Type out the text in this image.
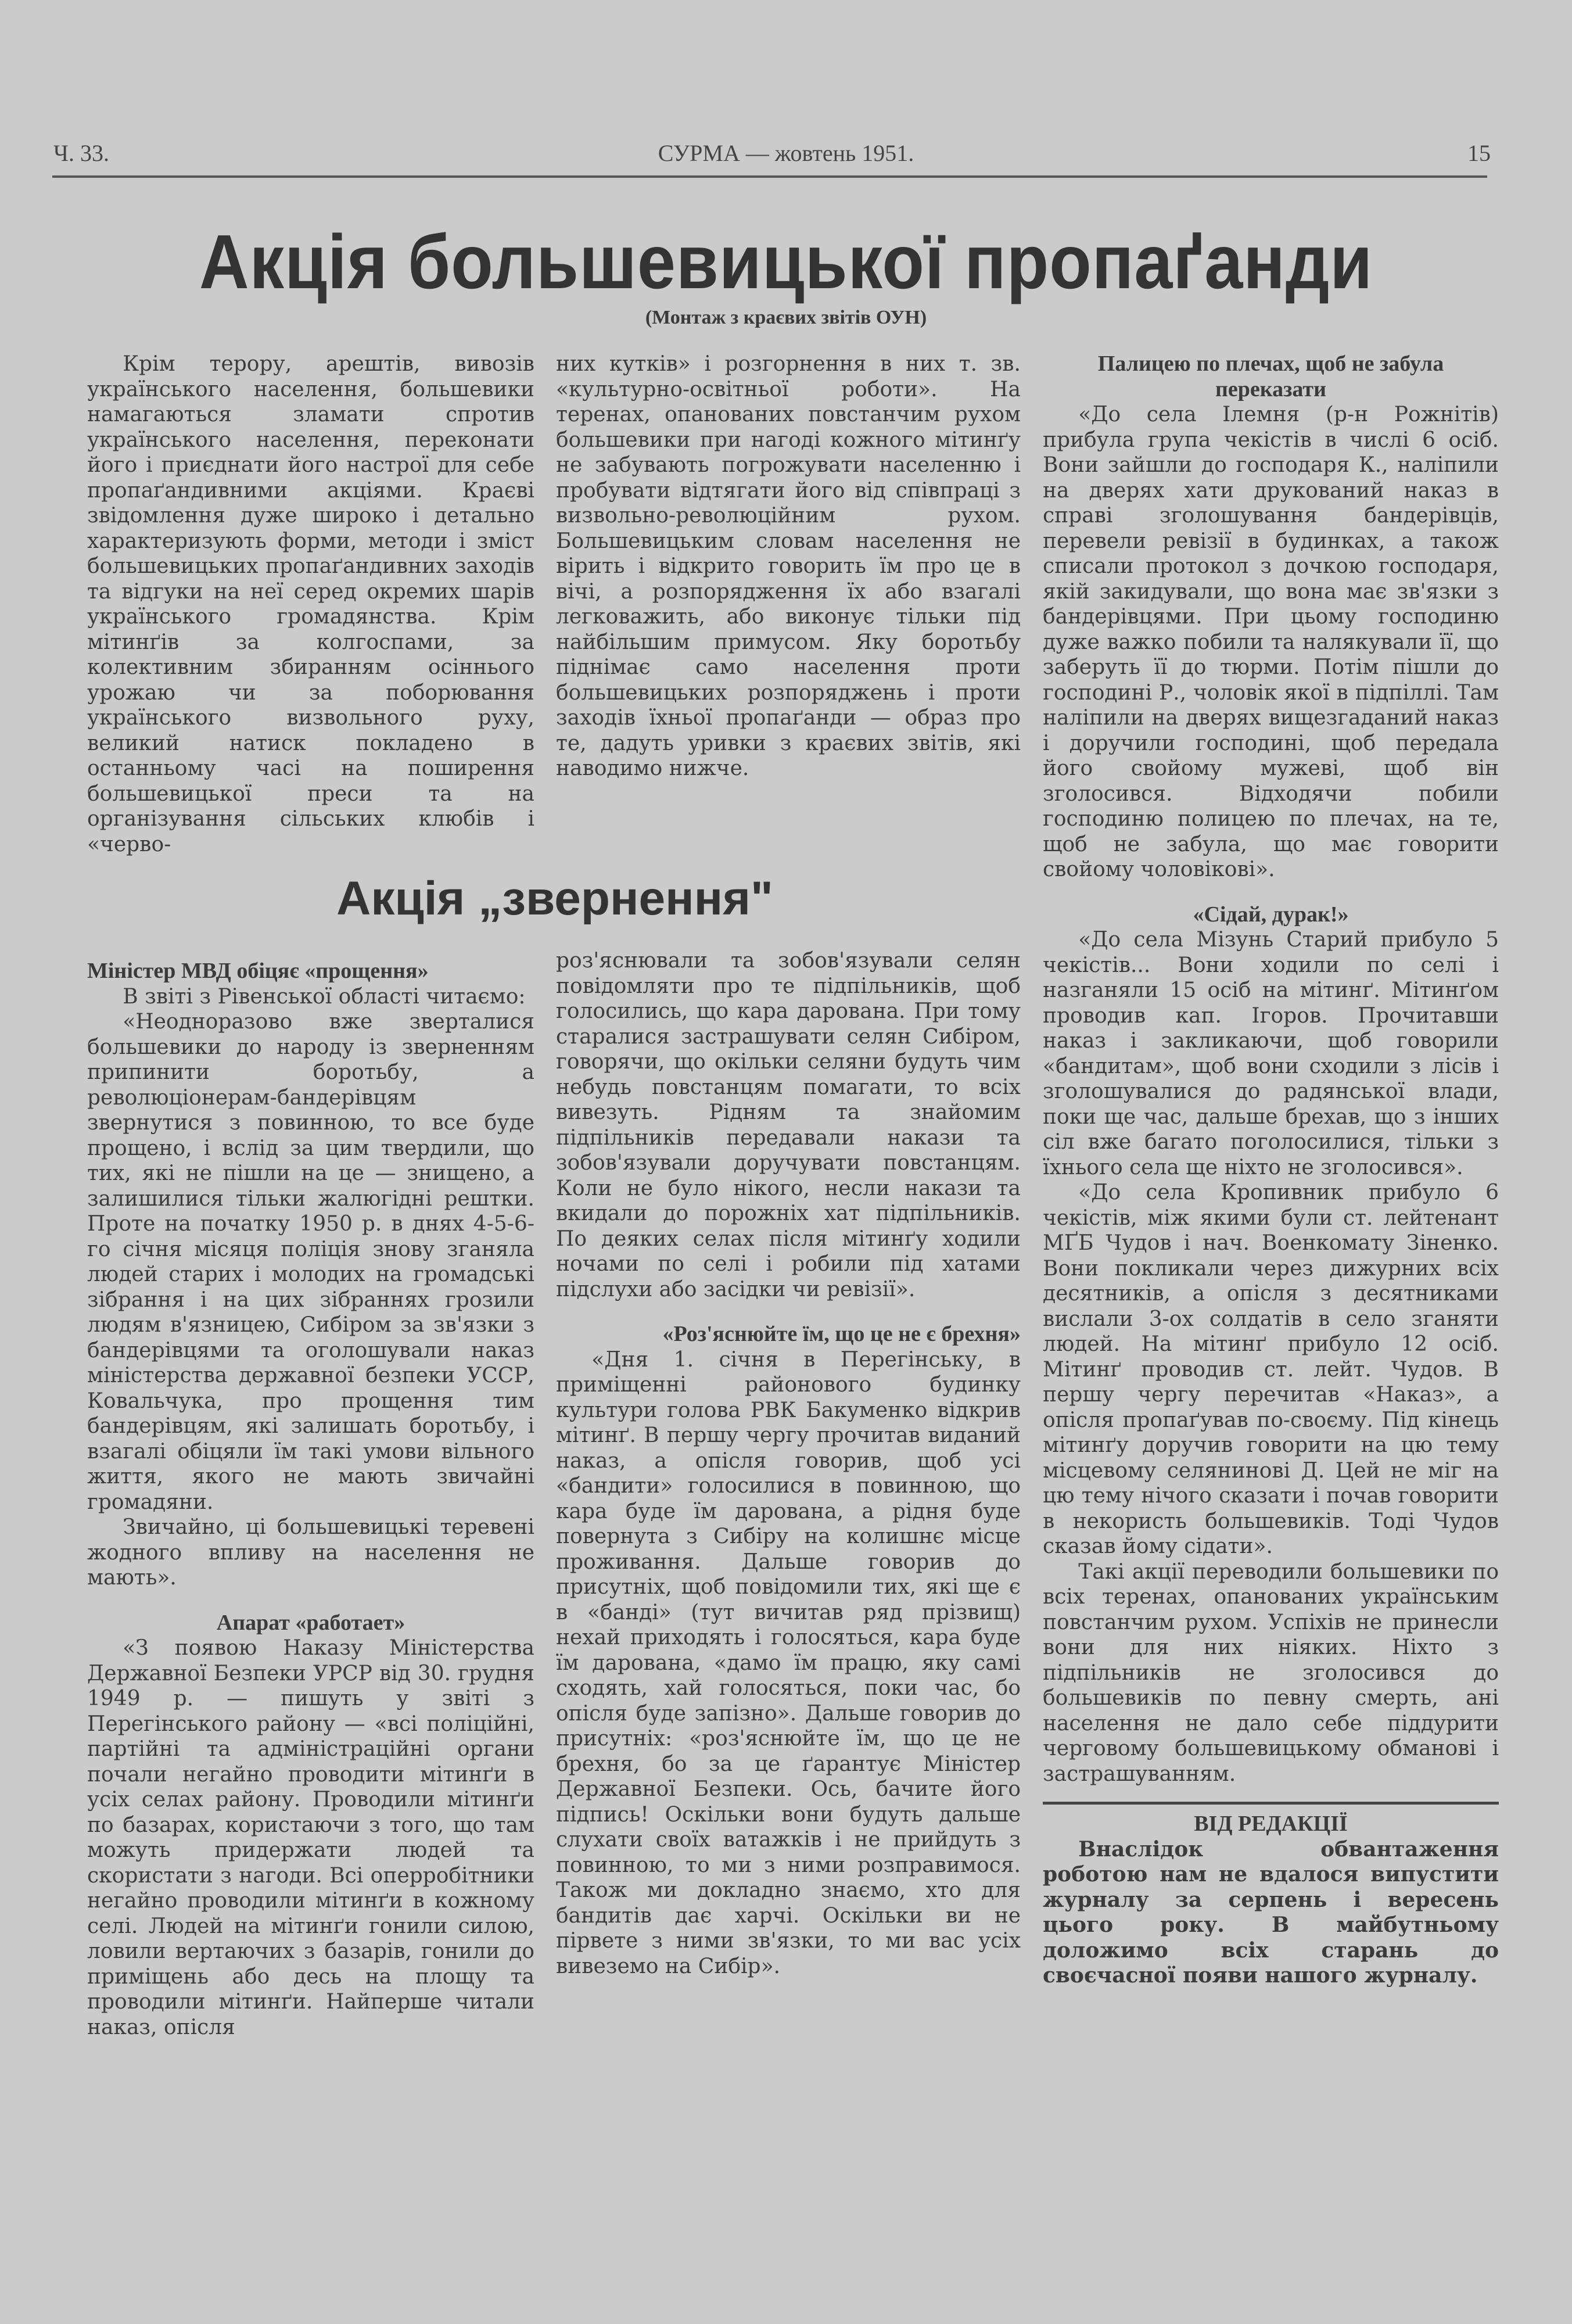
Ч. 33.	СУРМА — жовтень 1951.	15
Акція большевицької пропаґанди
(Монтаж з краєвих звітів ОУН)

Крім терору, арештів, вивозів українського населення, большевики намагаються зламати спротив українського населення, переконати його і приєднати його настрої для себе пропаґандивними акціями. Краєві звідомлення дуже широко і детально характеризують форми, методи і зміст большевицьких пропаґандивних заходів та відгуки на неї серед окремих шарів українського громадянства. Крім мітинґів за колгоспами, за колективним збиранням осіннього урожаю чи за поборювання українського визвольного руху, великий натиск покладено в останньому часі на поширення большевицької преси та на організування сільських клюбів і «черво-

них кутків» і розгорнення в них т. зв. «культурно-освітньої роботи». На теренах, опанованих повстанчим рухом большевики при нагоді кожного мітинґу не забувають погрожувати населенню і пробувати відтягати його від співпраці з визвольно-революційним рухом. Большевицьким словам населення не вірить і відкрито говорить їм про це в вічі, а розпорядження їх або взагалі легковажить, або виконує тільки під найбільшим примусом. Яку боротьбу піднімає само населення проти большевицьких розпоряджень і проти заходів їхньої пропаґанди — образ про те, дадуть уривки з краєвих звітів, які наводимо нижче.

Акція „звернення"
Міністер МВД обіцяє «прощення»

В звіті з Рівенської області читаємо:

«Неодноразово вже зверталися большевики до народу із зверненням припинити боротьбу, а революціонерам-бандерівцям звернутися з повинною, то все буде прощено, і вслід за цим твердили, що тих, які не пішли на це — знищено, а залишилися тільки жалюгідні рештки. Проте на початку 1950 р. в днях 4-5-6-го січня місяця поліція знову зганяла людей старих і молодих на громадські зібрання і на цих зібраннях грозили людям в'язницею, Сибіром за зв'язки з бандерівцями та оголошували наказ міністерства державної безпеки УССР, Ковальчука, про прощення тим бандерівцям, які залишать боротьбу, і взагалі обіцяли їм такі умови вільного життя, якого не мають звичайні громадяни.

Звичайно, ці большевицькі теревені жодного впливу на населення не мають».

Апарат «работает»

«З появою Наказу Міністерства Державної Безпеки УРСР від 30. грудня 1949 р. — пишуть у звіті з Перегінського району — «всі поліційні, партійні та адміністраційні органи почали негайно проводити мітинґи в усіх селах району. Проводили мітинґи по базарах, користаючи з того, що там можуть придержати людей та скористати з нагоди. Всі оперробітники негайно проводили мітинґи в кожному селі. Людей на мітинґи гонили силою, ловили вертаючих з базарів, гонили до приміщень або десь на площу та проводили мітинґи. Найперше читали наказ, опісля

роз'яснювали та зобов'язували селян повідомляти про те підпільників, щоб голосились, що кара дарована. При тому старалися застрашувати селян Сибіром, говорячи, що окільки селяни будуть чим небудь повстанцям помагати, то всіх вивезуть. Рідням та знайомим підпільників передавали накази та зобов'язували доручувати повстанцям. Коли не було нікого, несли накази та вкидали до порожніх хат підпільників. По деяких селах після мітинґу ходили ночами по селі і робили під хатами підслухи або засідки чи ревізії».

«Роз'яснюйте їм, що це не є брехня»

«Дня 1. січня в Перегінську, в приміщенні районового будинку культури голова РВК Бакуменко відкрив мітинґ. В першу чергу прочитав виданий наказ, а опісля говорив, щоб усі «бандити» голосилися в повинною, що кара буде їм дарована, а рідня буде повернута з Сибіру на колишнє місце проживання. Дальше говорив до присутніх, щоб повідомили тих, які ще є в «банді» (тут вичитав ряд прізвищ) нехай приходять і голосяться, кара буде їм дарована, «дамо їм працю, яку самі сходять, хай голосяться, поки час, бо опісля буде запізно». Дальше говорив до присутніх: «роз'яснюйте їм, що це не брехня, бо за це ґарантує Міністер Державної Безпеки. Ось, бачите його підпись! Оскільки вони будуть дальше слухати своїх ватажків і не прийдуть з повинною, то ми з ними розправимося. Також ми докладно знаємо, хто для бандитів дає харчі. Оскільки ви не пірвете з ними зв'язки, то ми вас усіх вивеземо на Сибір».

Палицею по плечах, щоб не забула переказати

«До села Ілемня (р-н Рожнітів) прибула група чекістів в числі 6 осіб. Вони зайшли до господаря К., наліпили на дверях хати друкований наказ в справі зголошування бандерівців, перевели ревізії в будинках, а також списали протокол з дочкою господаря, якій закидували, що вона має зв'язки з бандерівцями. При цьому господиню дуже важко побили та налякували її, що заберуть її до тюрми. Потім пішли до господині Р., чоловік якої в підпіллі. Там наліпили на дверях вищезгаданий наказ і доручили господині, щоб передала його свойому мужеві, щоб він зголосився. Відходячи побили господиню полицею по плечах, на те, щоб не забула, що має говорити свойому чоловікові».

«Сідай, дурак!»

«До села Мізунь Старий прибуло 5 чекістів... Вони ходили по селі і назганяли 15 осіб на мітинґ. Мітинґом проводив кап. Ігоров. Прочитавши наказ і закликаючи, щоб говорили «бандитам», щоб вони сходили з лісів і зголошувалися до радянської влади, поки ще час, дальше брехав, що з інших сіл вже багато поголосилися, тільки з їхнього села ще ніхто не зголосився».

«До села Кропивник прибуло 6 чекістів, між якими були ст. лейтенант МҐБ Чудов і нач. Военкомату Зіненко. Вони покликали через дижурних всіх десятників, а опісля з десятниками вислали 3-ох солдатів в село зганяти людей. На мітинґ прибуло 12 осіб. Мітинґ проводив ст. лейт. Чудов. В першу чергу перечитав «Наказ», а опісля пропаґував по-своєму. Під кінець мітинґу доручив говорити на цю тему місцевому селянинові Д. Цей не міг на цю тему нічого сказати і почав говорити в некористь большевиків. Тоді Чудов сказав йому сідати».

Такі акції переводили большевики по всіх теренах, опанованих українським повстанчим рухом. Успіхів не принесли вони для них ніяких. Ніхто з підпільників не зголосився до большевиків по певну смерть, ані населення не дало себе піддурити черговому большевицькому обманові і застрашуванням.

ВІД РЕДАКЦІЇ

Внаслідок обвантаження роботою нам не вдалося випустити журналу за серпень і вересень цього року. В майбутньому доложимо всіх старань до своєчасної появи нашого журналу.
